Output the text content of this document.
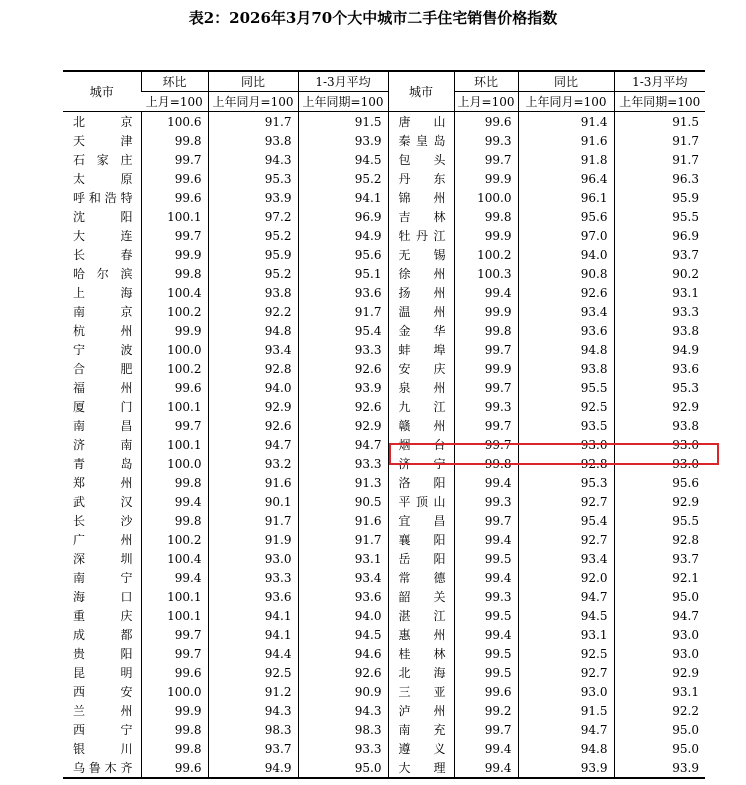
表2：2026年3月70个大中城市二手住宅销售价格指数
城市	环比	同比	1-3月平均	城市	环比	同比	1-3月平均
	上月=100	上年同月=100	上年同期=100		上月=100	上年同月=100	上年同期=100
北京	100.6	91.7	91.5	唐山	99.6	91.4	91.5
天津	99.8	93.8	93.9	秦皇岛	99.3	91.6	91.7
石家庄	99.7	94.3	94.5	包头	99.7	91.8	91.7
太原	99.6	95.3	95.2	丹东	99.9	96.4	96.3
呼和浩特	99.6	93.9	94.1	锦州	100.0	96.1	95.9
沈阳	100.1	97.2	96.9	吉林	99.8	95.6	95.5
大连	99.7	95.2	94.9	牡丹江	99.9	97.0	96.9
长春	99.9	95.9	95.6	无锡	100.2	94.0	93.7
哈尔滨	99.8	95.2	95.1	徐州	100.3	90.8	90.2
上海	100.4	93.8	93.6	扬州	99.4	92.6	93.1
南京	100.2	92.2	91.7	温州	99.9	93.4	93.3
杭州	99.9	94.8	95.4	金华	99.8	93.6	93.8
宁波	100.0	93.4	93.3	蚌埠	99.7	94.8	94.9
合肥	100.2	92.8	92.6	安庆	99.9	93.8	93.6
福州	99.6	94.0	93.9	泉州	99.7	95.5	95.3
厦门	100.1	92.9	92.6	九江	99.3	92.5	92.9
南昌	99.7	92.6	92.9	赣州	99.7	93.5	93.8
济南	100.1	94.7	94.7	烟台	99.7	93.0	93.0
青岛	100.0	93.2	93.3	济宁	99.8	92.8	93.0
郑州	99.8	91.6	91.3	洛阳	99.4	95.3	95.6
武汉	99.4	90.1	90.5	平顶山	99.3	92.7	92.9
长沙	99.8	91.7	91.6	宜昌	99.7	95.4	95.5
广州	100.2	91.9	91.7	襄阳	99.4	92.7	92.8
深圳	100.4	93.0	93.1	岳阳	99.5	93.4	93.7
南宁	99.4	93.3	93.4	常德	99.4	92.0	92.1
海口	100.1	93.6	93.6	韶关	99.3	94.7	95.0
重庆	100.1	94.1	94.0	湛江	99.5	94.5	94.7
成都	99.7	94.1	94.5	惠州	99.4	93.1	93.0
贵阳	99.7	94.4	94.6	桂林	99.5	92.5	93.0
昆明	99.6	92.5	92.6	北海	99.5	92.7	92.9
西安	100.0	91.2	90.9	三亚	99.6	93.0	93.1
兰州	99.9	94.3	94.3	泸州	99.2	91.5	92.2
西宁	99.8	98.3	98.3	南充	99.7	94.7	95.0
银川	99.8	93.7	93.3	遵义	99.4	94.8	95.0
乌鲁木齐	99.6	94.9	95.0	大理	99.4	93.9	93.9
